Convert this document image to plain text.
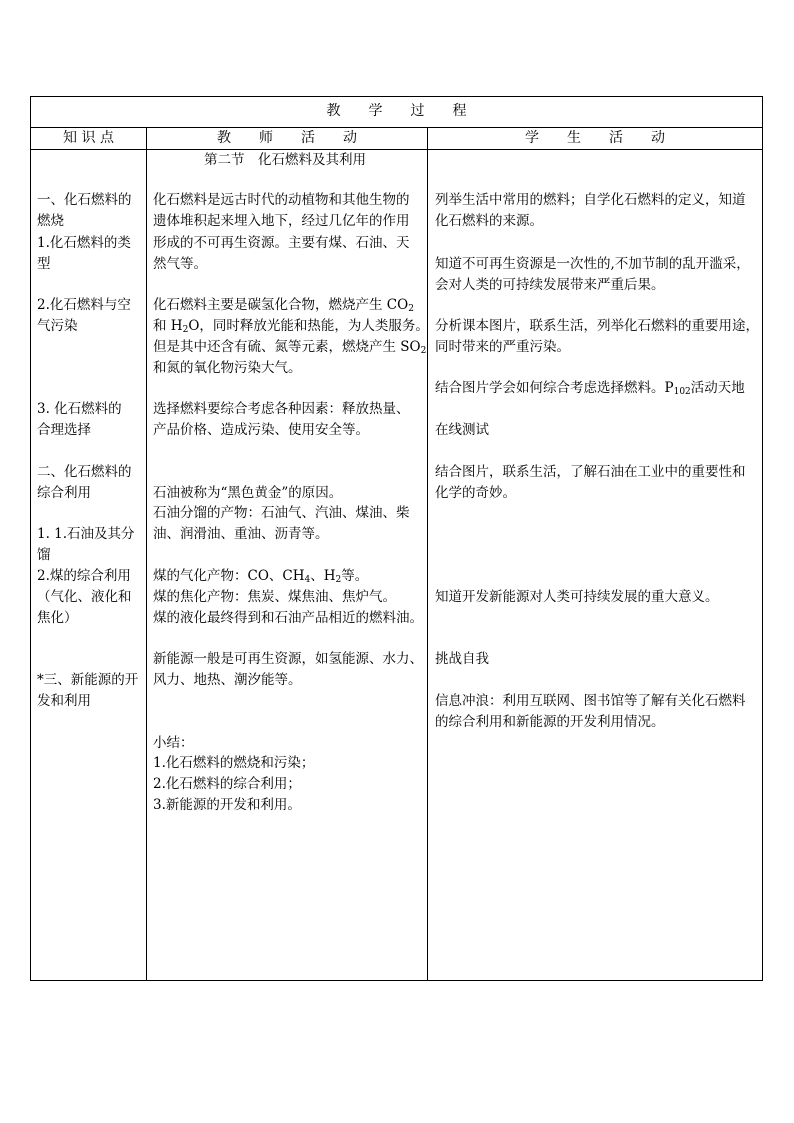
教　　学　　过　　程
知 识 点	教　　师　　活　　动	学　　生　　活　　动
一、化石燃料的
燃烧
1.化石燃料的类
型
2.化石燃料与空
气污染
3. 化石燃料的
合理选择
二、化石燃料的
综合利用
1. 1.石油及其分
馏
2.煤的综合利用
（气化、液化和
焦化）
*三、新能源的开
发和利用
第二节　化石燃料及其利用
化石燃料是远古时代的动植物和其他生物的
遗体堆积起来埋入地下，经过几亿年的作用
形成的不可再生资源。主要有煤、石油、天
然气等。
化石燃料主要是碳氢化合物，燃烧产生 $CO_2$
和 $H_2O$，同时释放光能和热能，为人类服务。
但是其中还含有硫、氮等元素，燃烧产生 $SO_2$
和氮的氧化物污染大气。
选择燃料要综合考虑各种因素：释放热量、
产品价格、造成污染、使用安全等。
石油被称为“黑色黄金”的原因。
石油分馏的产物：石油气、汽油、煤油、柴
油、润滑油、重油、沥青等。
煤的气化产物：CO、$CH_4$、$H_2$等。
煤的焦化产物：焦炭、煤焦油、焦炉气。
煤的液化最终得到和石油产品相近的燃料油。
新能源一般是可再生资源，如氢能源、水力、
风力、地热、潮汐能等。
小结：
1.化石燃料的燃烧和污染；
2.化石燃料的综合利用；
3.新能源的开发和利用。
列举生活中常用的燃料；自学化石燃料的定义，知道
化石燃料的来源。
知道不可再生资源是一次性的,不加节制的乱开滥采，
会对人类的可持续发展带来严重后果。
分析课本图片，联系生活，列举化石燃料的重要用途，
同时带来的严重污染。
结合图片学会如何综合考虑选择燃料。$P_{102}$活动天地
在线测试
结合图片，联系生活，了解石油在工业中的重要性和
化学的奇妙。
知道开发新能源对人类可持续发展的重大意义。
挑战自我
信息冲浪：利用互联网、图书馆等了解有关化石燃料
的综合利用和新能源的开发利用情况。
